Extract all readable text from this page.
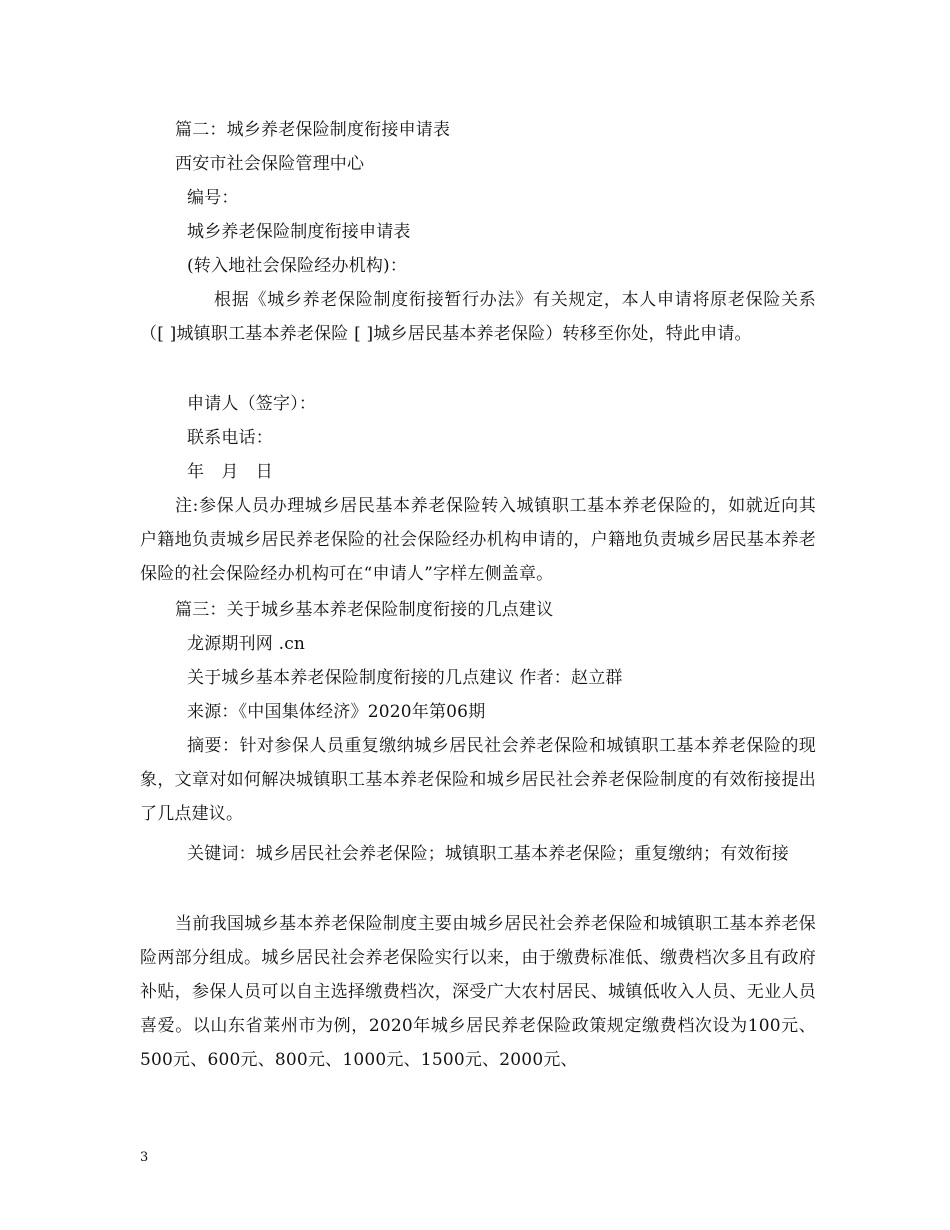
篇二：城乡养老保险制度衔接申请表
西安市社会保险管理中心
编号：
城乡养老保险制度衔接申请表
(转入地社会保险经办机构)：
根据《城乡养老保险制度衔接暂行办法》有关规定，本人申请将原老保险关系（[ ]城镇职工基本养老保险 [ ]城乡居民基本养老保险）转移至你处，特此申请。
申请人（签字）：
联系电话：
年　月　日
注:参保人员办理城乡居民基本养老保险转入城镇职工基本养老保险的，如就近向其户籍地负责城乡居民养老保险的社会保险经办机构申请的，户籍地负责城乡居民基本养老保险的社会保险经办机构可在“申请人”字样左侧盖章。
篇三：关于城乡基本养老保险制度衔接的几点建议
龙源期刊网 .cn
关于城乡基本养老保险制度衔接的几点建议 作者：赵立群
来源：《中国集体经济》2020年第06期
摘要：针对参保人员重复缴纳城乡居民社会养老保险和城镇职工基本养老保险的现象，文章对如何解决城镇职工基本养老保险和城乡居民社会养老保险制度的有效衔接提出了几点建议。
关键词：城乡居民社会养老保险；城镇职工基本养老保险；重复缴纳；有效衔接
当前我国城乡基本养老保险制度主要由城乡居民社会养老保险和城镇职工基本养老保险两部分组成。城乡居民社会养老保险实行以来，由于缴费标准低、缴费档次多且有政府补贴，参保人员可以自主选择缴费档次，深受广大农村居民、城镇低收入人员、无业人员喜爱。以山东省莱州市为例，2020年城乡居民养老保险政策规定缴费档次设为100元、500元、600元、800元、1000元、1500元、2000元、
3
